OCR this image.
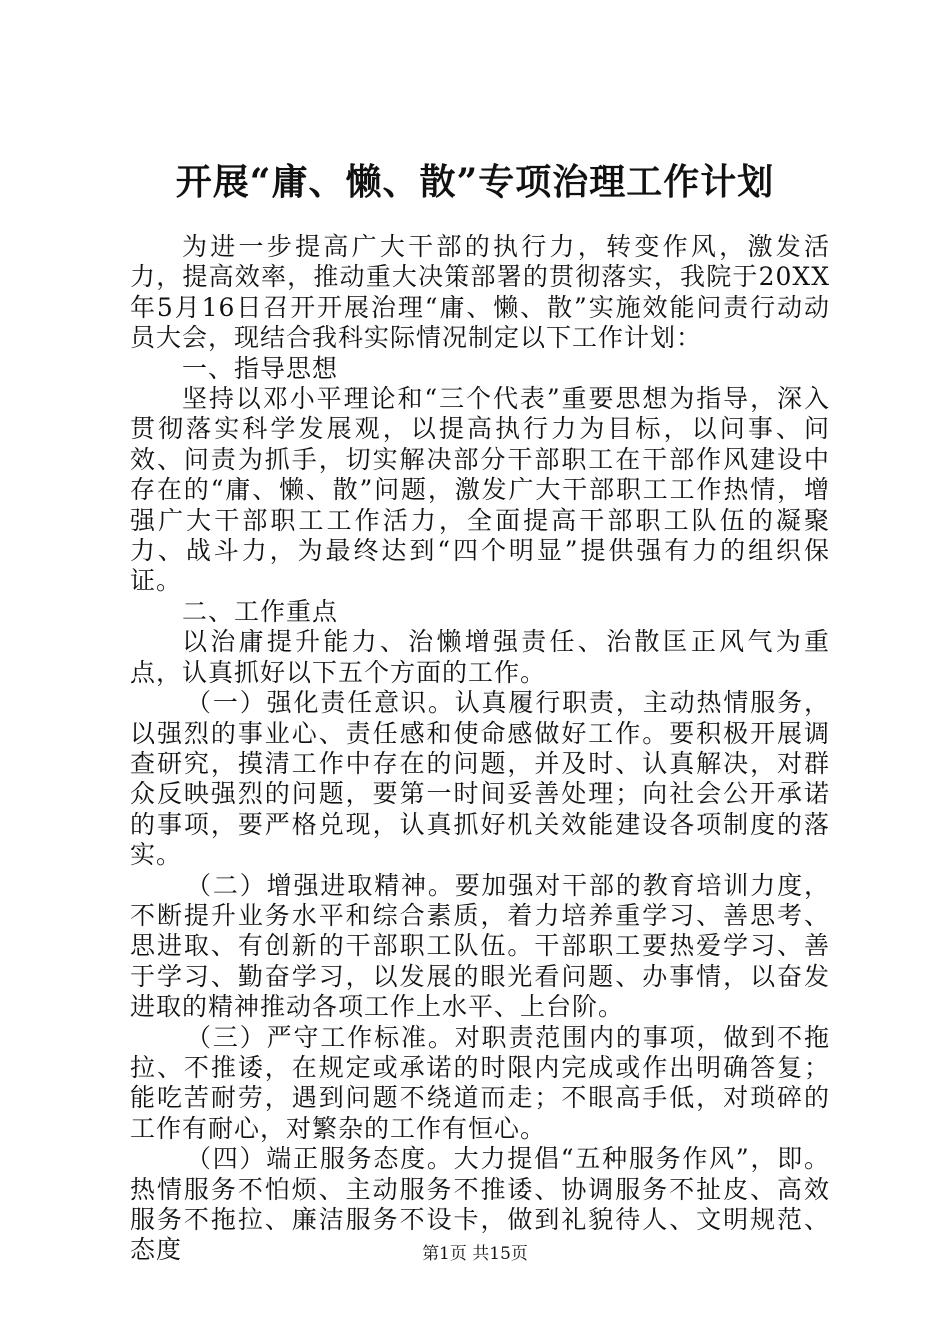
开展“庸、懒、散”专项治理工作计划

为进一步提高广大干部的执行力，转变作风，激发活力，提高效率，推动重大决策部署的贯彻落实，我院于20XX年5月16日召开开展治理“庸、懒、散”实施效能问责行动动员大会，现结合我科实际情况制定以下工作计划：

一、指导思想

坚持以邓小平理论和“三个代表”重要思想为指导，深入贯彻落实科学发展观，以提高执行力为目标，以问事、问效、问责为抓手，切实解决部分干部职工在干部作风建设中存在的“庸、懒、散”问题，激发广大干部职工工作热情，增强广大干部职工工作活力，全面提高干部职工队伍的凝聚力、战斗力，为最终达到“四个明显”提供强有力的组织保证。

二、工作重点

以治庸提升能力、治懒增强责任、治散匡正风气为重点，认真抓好以下五个方面的工作。

（一）强化责任意识。认真履行职责，主动热情服务，以强烈的事业心、责任感和使命感做好工作。要积极开展调查研究，摸清工作中存在的问题，并及时、认真解决，对群众反映强烈的问题，要第一时间妥善处理；向社会公开承诺的事项，要严格兑现，认真抓好机关效能建设各项制度的落实。

（二）增强进取精神。要加强对干部的教育培训力度，不断提升业务水平和综合素质，着力培养重学习、善思考、思进取、有创新的干部职工队伍。干部职工要热爱学习、善于学习、勤奋学习，以发展的眼光看问题、办事情，以奋发进取的精神推动各项工作上水平、上台阶。

（三）严守工作标准。对职责范围内的事项，做到不拖拉、不推诿，在规定或承诺的时限内完成或作出明确答复；能吃苦耐劳，遇到问题不绕道而走；不眼高手低，对琐碎的工作有耐心，对繁杂的工作有恒心。

（四）端正服务态度。大力提倡“五种服务作风”，即。热情服务不怕烦、主动服务不推诿、协调服务不扯皮、高效服务不拖拉、廉洁服务不设卡，做到礼貌待人、文明规范、态度	第1页 共15页
